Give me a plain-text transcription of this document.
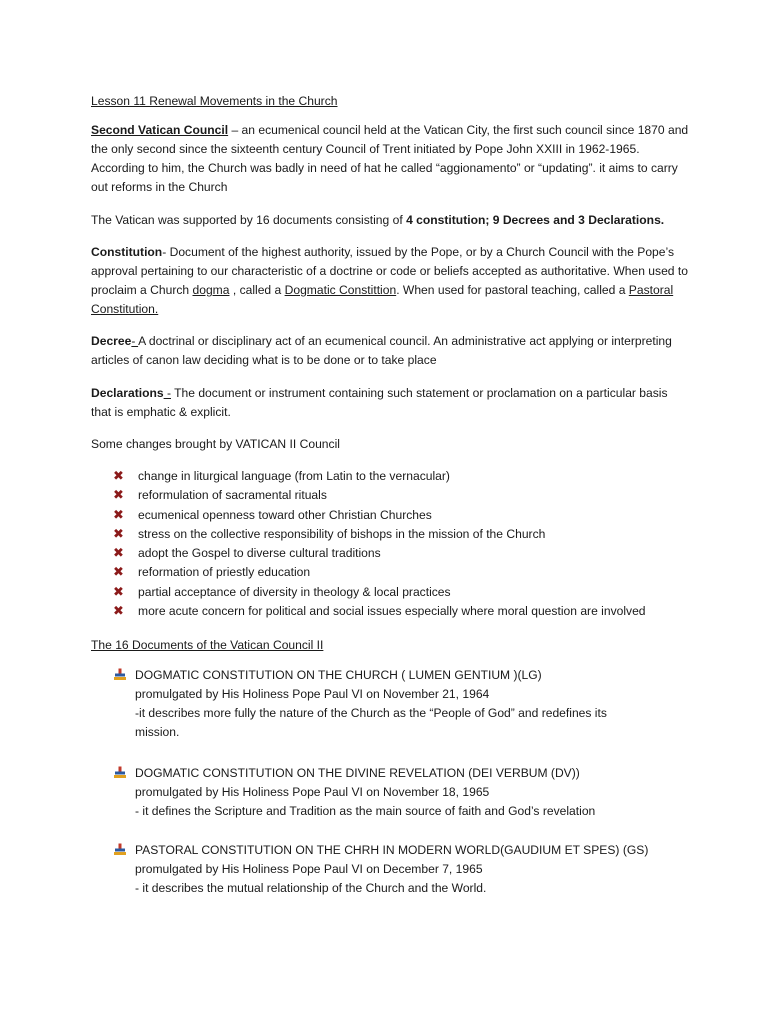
Lesson 11 Renewal Movements in the Church

Second Vatican Council – an ecumenical council held at the Vatican City, the first such council since 1870 and the only second since the sixteenth century Council of Trent initiated by Pope John XXIII in 1962-1965. According to him, the Church was badly in need of hat he called “aggionamento” or “updating”. it aims to carry out reforms in the Church

The Vatican was supported by 16 documents consisting of 4 constitution; 9 Decrees and 3 Declarations.

Constitution- Document of the highest authority, issued by the Pope, or by a Church Council with the Pope’s approval pertaining to our characteristic of a doctrine or code or beliefs accepted as authoritative. When used to proclaim a Church dogma , called a Dogmatic Constittion. When used for pastoral teaching, called a Pastoral Constitution.

Decree- A doctrinal or disciplinary act of an ecumenical council. An administrative act applying or interpreting articles of canon law deciding what is to be done or to take place

Declarations - The document or instrument containing such statement or proclamation on a particular basis that is emphatic & explicit.

Some changes brought by VATICAN II Council

✖ change in liturgical language (from Latin to the vernacular)
✖ reformulation of sacramental rituals
✖ ecumenical openness toward other Christian Churches
✖ stress on the collective responsibility of bishops in the mission of the Church
✖ adopt the Gospel to diverse cultural traditions
✖ reformation of priestly education
✖ partial acceptance of diversity in theology & local practices
✖ more acute concern for political and social issues especially where moral question are involved

The 16 Documents of the Vatican Council II

DOGMATIC CONSTITUTION ON THE CHURCH ( LUMEN GENTIUM )(LG)
promulgated by His Holiness Pope Paul VI on November 21, 1964
-it describes more fully the nature of the Church as the “People of God” and redefines its
mission.
DOGMATIC CONSTITUTION ON THE DIVINE REVELATION (DEI VERBUM (DV))
promulgated by His Holiness Pope Paul VI on November 18, 1965
- it defines the Scripture and Tradition as the main source of faith and God’s revelation
PASTORAL CONSTITUTION ON THE CHRH IN MODERN WORLD(GAUDIUM ET SPES) (GS)
promulgated by His Holiness Pope Paul VI on December 7, 1965
- it describes the mutual relationship of the Church and the World.
